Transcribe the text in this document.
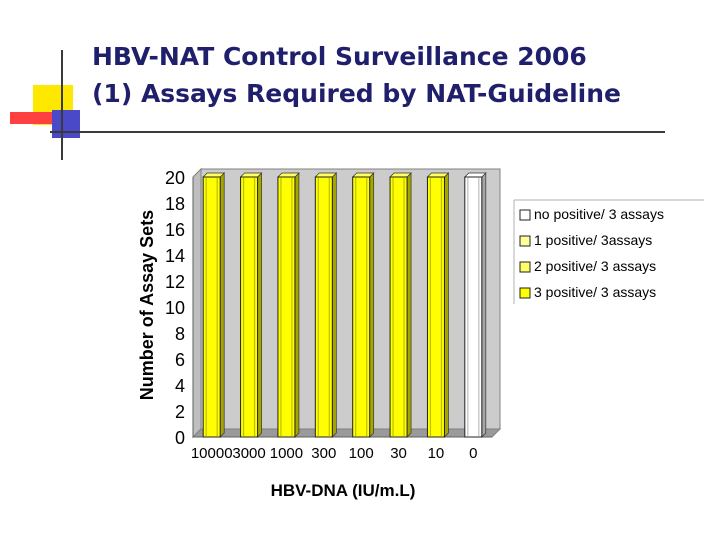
HBV-NAT Control Surveillance 2006
(1) Assays Required by NAT-Guideline
0
2
4
6
8
10
12
14
16
18
20
10000 3000 1000 300 100 30 10 0
Number of Assay Sets
HBV-DNA (IU/m.L)
no positive/ 3 assays
1 positive/ 3assays
2 positive/ 3 assays
3 positive/ 3 assays
